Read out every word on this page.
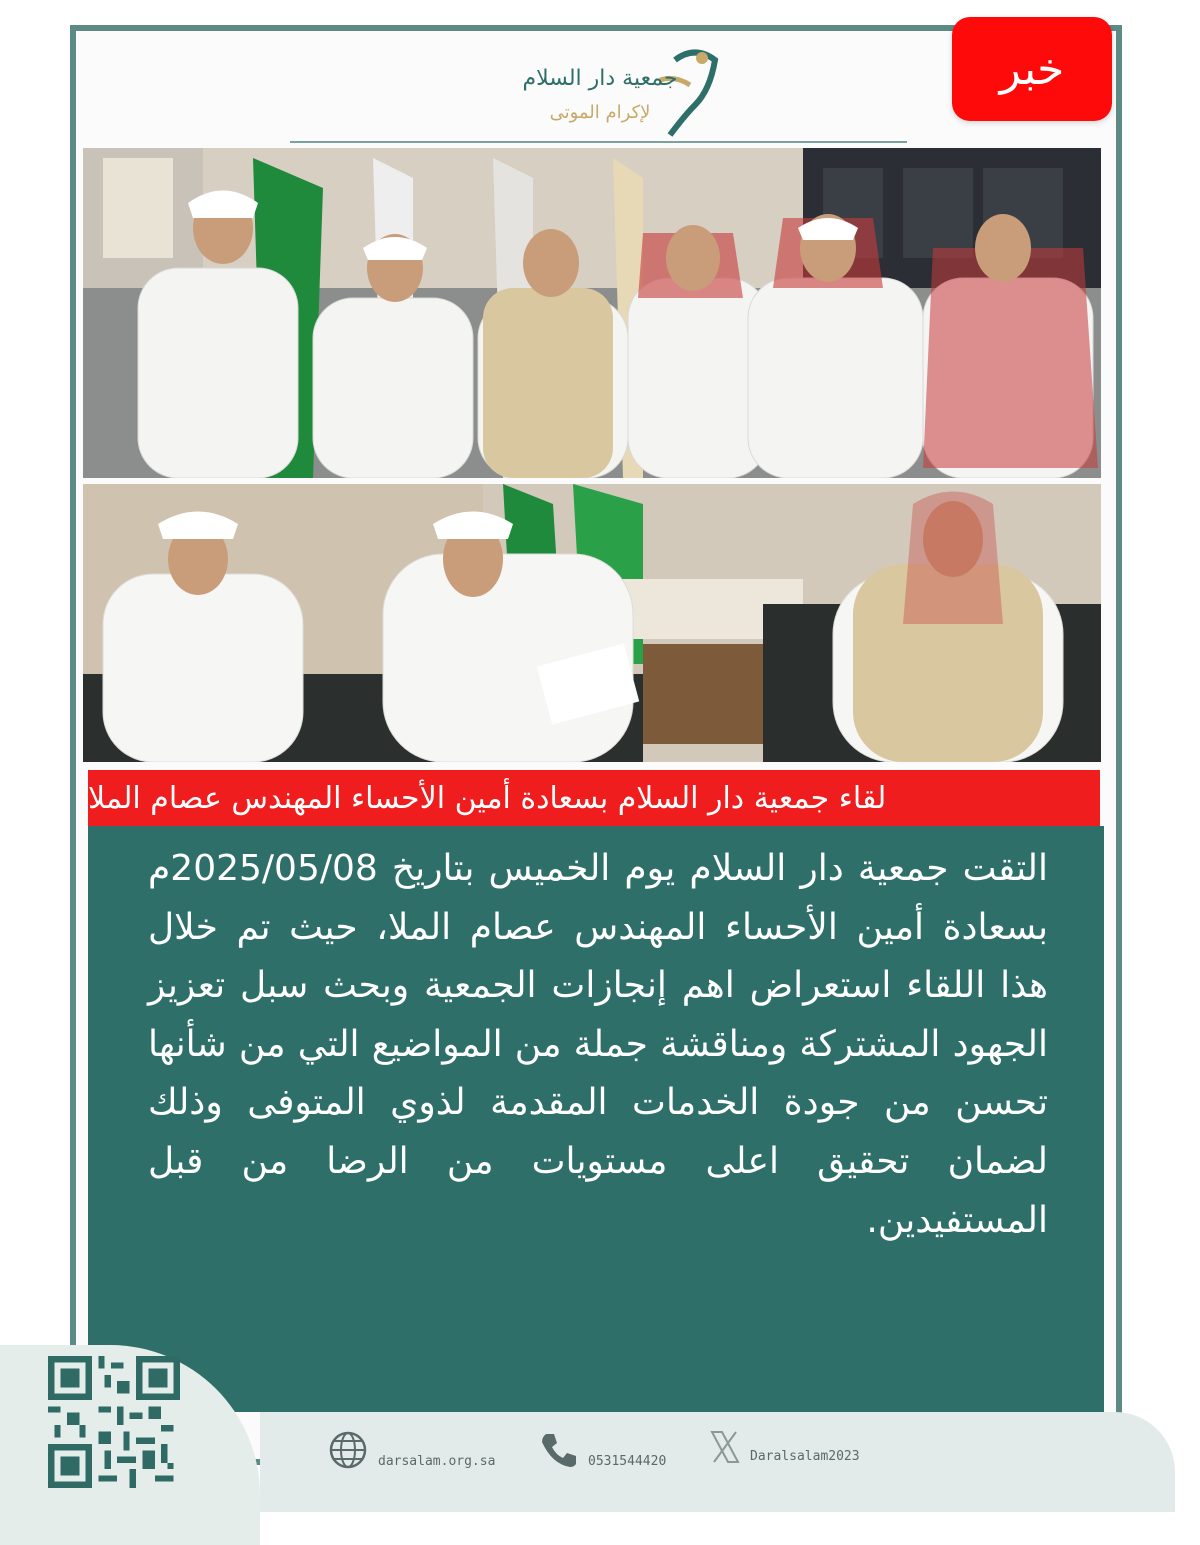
خبر
جمعية دار السلام
لإكرام الموتى
لقاء جمعية دار السلام بسعادة أمين الأحساء المهندس عصام الملا
التقت جمعية دار السلام يوم الخميس بتاريخ 2025/05/08م بسعادة أمين الأحساء المهندس عصام الملا، حيث تم خلال هذا اللقاء استعراض اهم إنجازات الجمعية وبحث سبل تعزيز الجهود المشتركة ومناقشة جملة من المواضيع التي من شأنها تحسن من جودة الخدمات المقدمة لذوي المتوفى وذلك لضمان تحقيق اعلى مستويات من الرضا من قبل المستفيدين.
darsalam.org.sa	0531544420	Daralsalam2023
